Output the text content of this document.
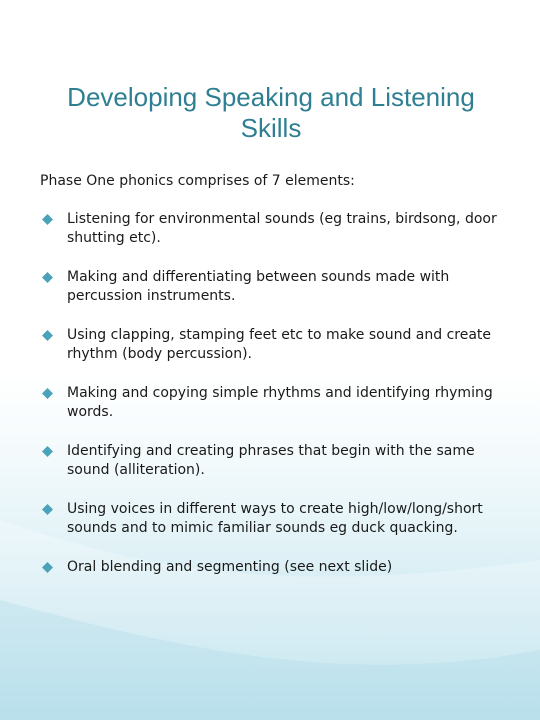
Developing Speaking and Listening Skills

Phase One phonics comprises of 7 elements:

Listening for environmental sounds (eg trains, birdsong, door shutting etc).
Making and differentiating between sounds made with percussion instruments.
Using clapping, stamping feet etc to make sound and create rhythm (body percussion).
Making and copying simple rhythms and identifying rhyming words.
Identifying and creating phrases that begin with the same sound (alliteration).
Using voices in different ways to create high/low/long/short sounds and to mimic familiar sounds eg duck quacking.
Oral blending and segmenting (see next slide)
